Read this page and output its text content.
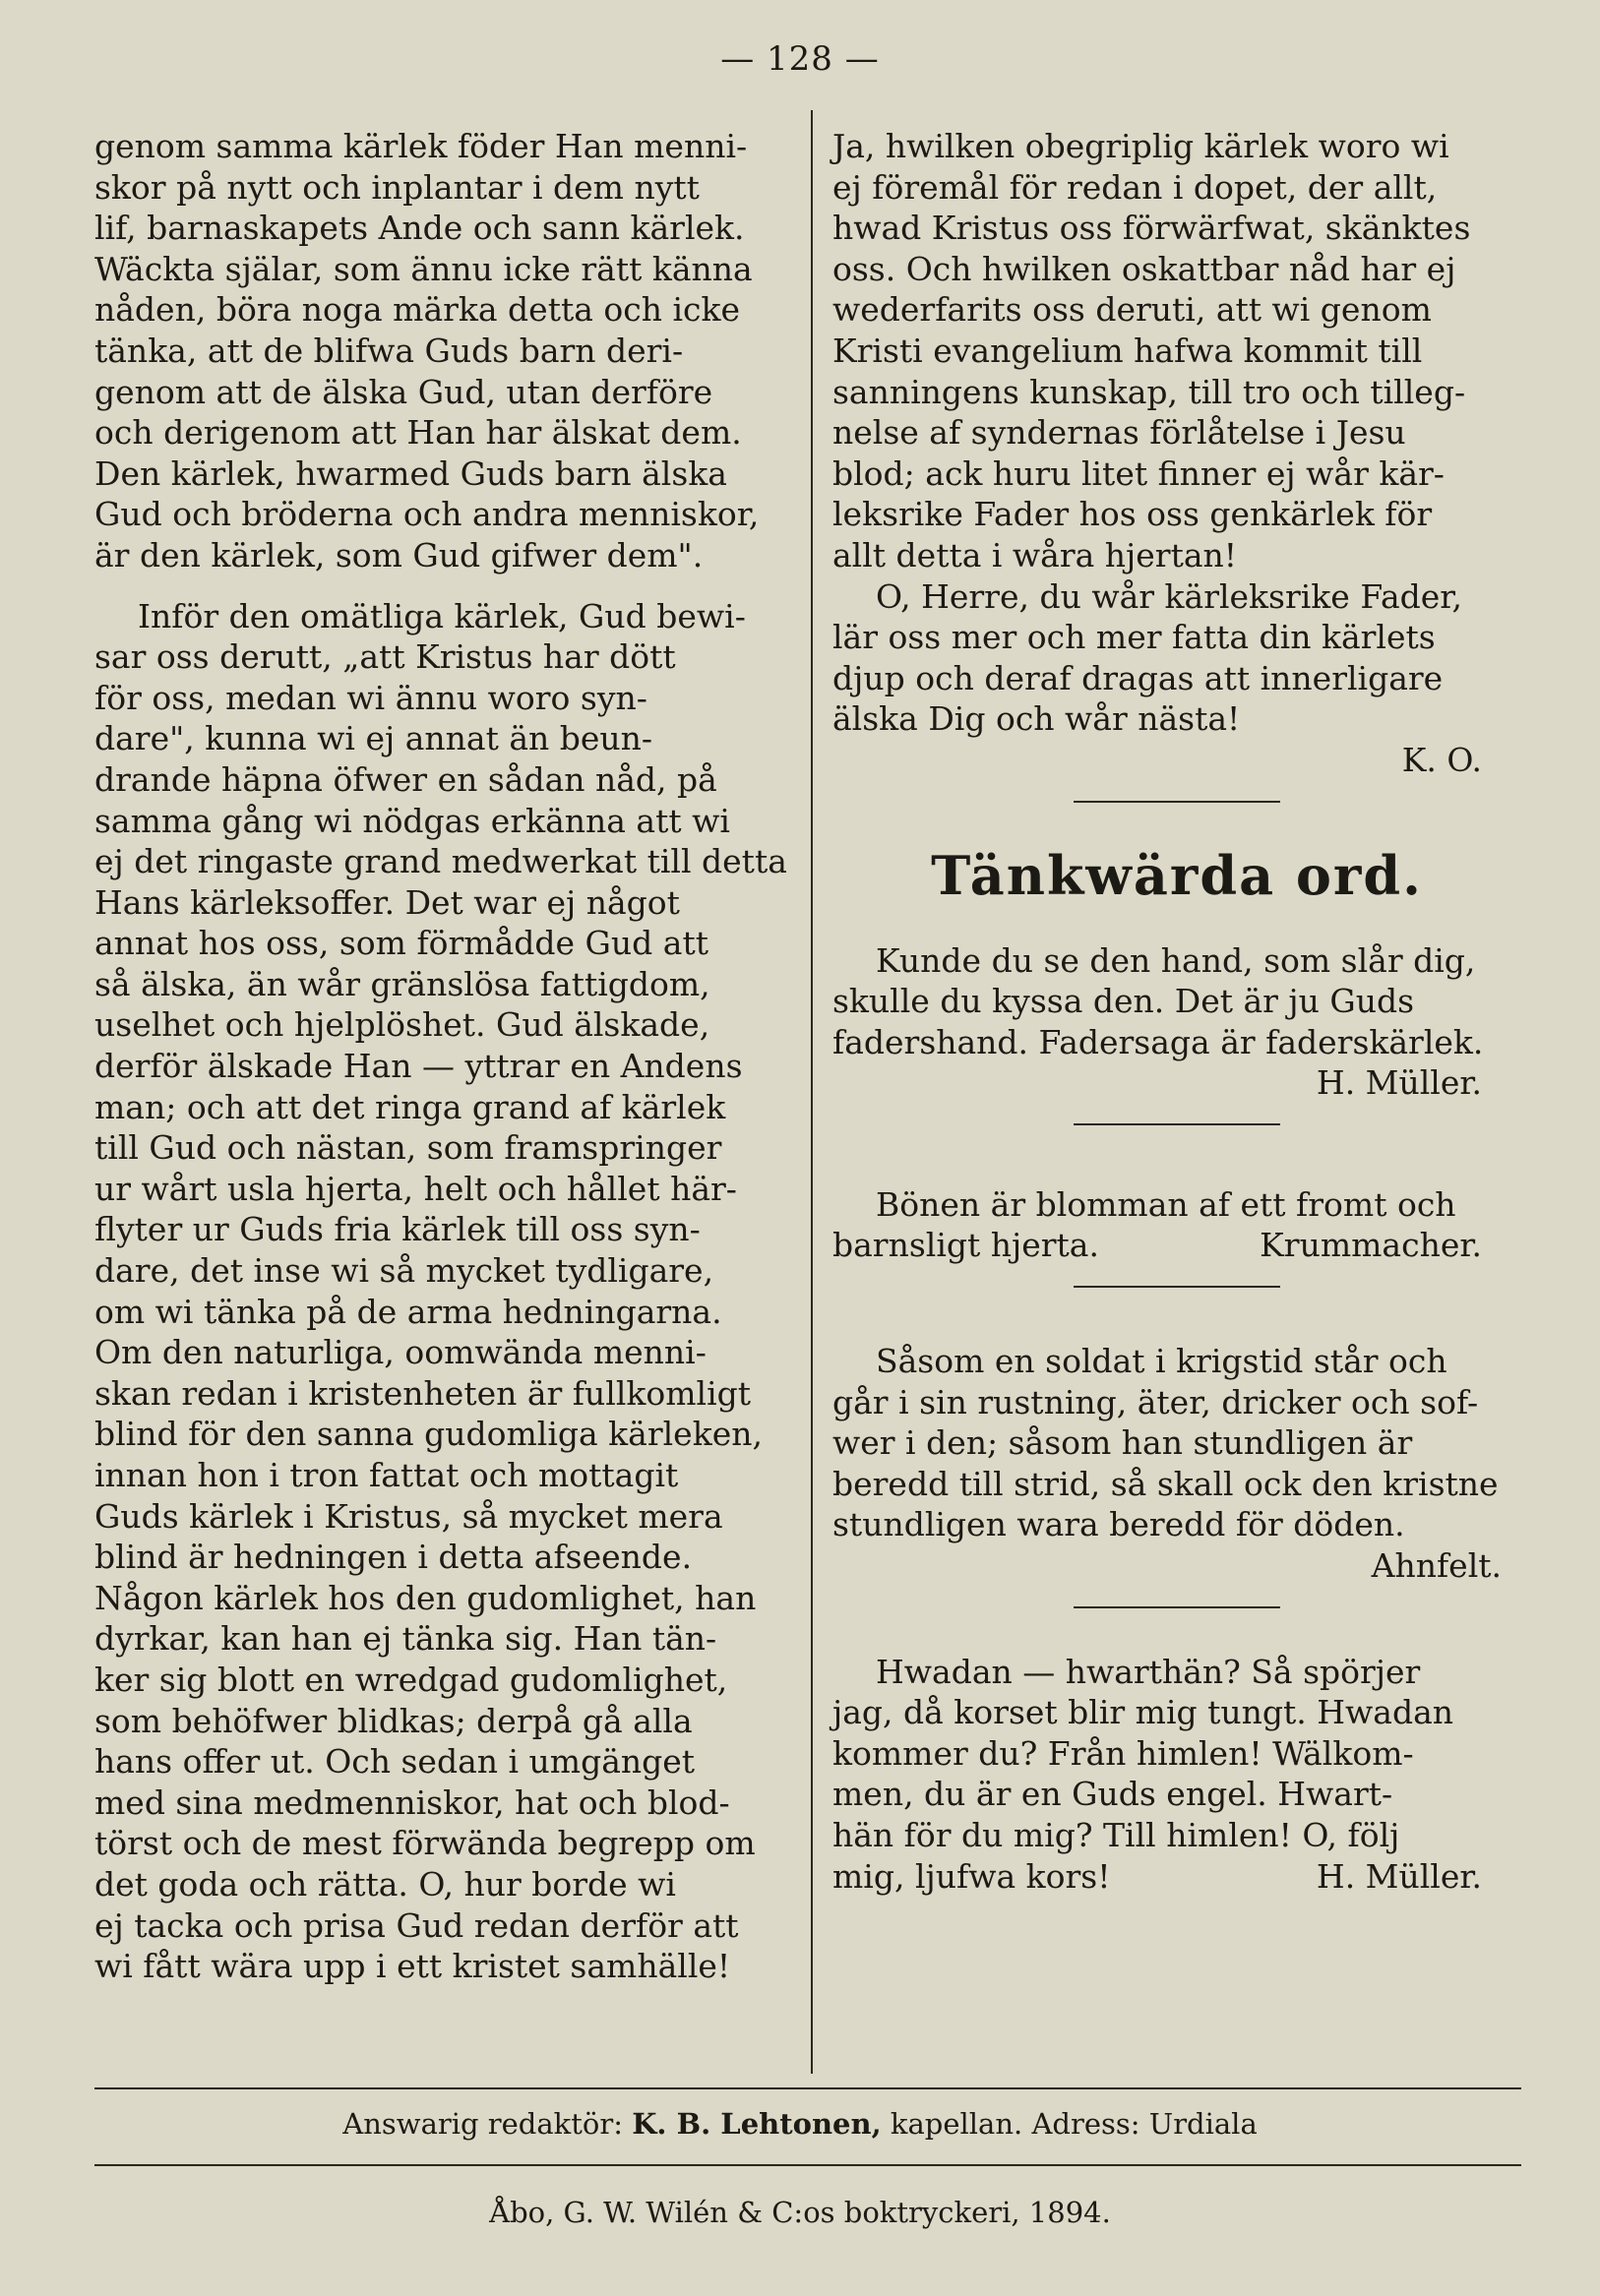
— 128 —

genom samma kärlek föder Han menni-
skor på nytt och inplantar i dem nytt
lif, barnaskapets Ande och sann kärlek.
Wäckta själar, som ännu icke rätt känna
nåden, böra noga märka detta och icke
tänka, att de blifwa Guds barn deri-
genom att de älska Gud, utan derföre
och derigenom att Han har älskat dem.
Den kärlek, hwarmed Guds barn älska
Gud och bröderna och andra menniskor,
är den kärlek, som Gud gifwer dem".

Inför den omätliga kärlek, Gud bewi-
sar oss derutt, „att Kristus har dött
för oss, medan wi ännu woro syn-
dare", kunna wi ej annat än beun-
drande häpna öfwer en sådan nåd, på
samma gång wi nödgas erkänna att wi
ej det ringaste grand medwerkat till detta
Hans kärleksoffer. Det war ej något
annat hos oss, som förmådde Gud att
så älska, än wår gränslösa fattigdom,
uselhet och hjelplöshet. Gud älskade,
derför älskade Han — yttrar en Andens
man; och att det ringa grand af kärlek
till Gud och nästan, som framspringer
ur wårt usla hjerta, helt och hållet här-
flyter ur Guds fria kärlek till oss syn-
dare, det inse wi så mycket tydligare,
om wi tänka på de arma hedningarna.
Om den naturliga, oomwända menni-
skan redan i kristenheten är fullkomligt
blind för den sanna gudomliga kärleken,
innan hon i tron fattat och mottagit
Guds kärlek i Kristus, så mycket mera
blind är hedningen i detta afseende.
Någon kärlek hos den gudomlighet, han
dyrkar, kan han ej tänka sig. Han tän-
ker sig blott en wredgad gudomlighet,
som behöfwer blidkas; derpå gå alla
hans offer ut. Och sedan i umgänget
med sina medmenniskor, hat och blod-
törst och de mest förwända begrepp om
det goda och rätta. O, hur borde wi
ej tacka och prisa Gud redan derför att
wi fått wära upp i ett kristet samhälle!

Ja, hwilken obegriplig kärlek woro wi
ej föremål för redan i dopet, der allt,
hwad Kristus oss förwärfwat, skänktes
oss. Och hwilken oskattbar nåd har ej
wederfarits oss deruti, att wi genom
Kristi evangelium hafwa kommit till
sanningens kunskap, till tro och tilleg-
nelse af syndernas förlåtelse i Jesu
blod; ack huru litet finner ej wår kär-
leksrike Fader hos oss genkärlek för
allt detta i wåra hjertan!

O, Herre, du wår kärleksrike Fader,
lär oss mer och mer fatta din kärlets
djup och deraf dragas att innerligare
älska Dig och wår nästa!

K. O.
Tänkwärda ord.

Kunde du se den hand, som slår dig,
skulle du kyssa den. Det är ju Guds
fadershand. Fadersaga är faderskärlek.

H. Müller.

Bönen är blomman af ett fromt och
barnsligt hjerta.	Krummacher.

Såsom en soldat i krigstid står och
går i sin rustning, äter, dricker och sof-
wer i den; såsom han stundligen är
beredd till strid, så skall ock den kristne
stundligen wara beredd för döden.

Ahnfelt.

Hwadan — hwarthän? Så spörjer
jag, då korset blir mig tungt. Hwadan
kommer du? Från himlen! Wälkom-
men, du är en Guds engel. Hwart-
hän för du mig? Till himlen! O, följ
mig, ljufwa kors!	H. Müller.

Answarig redaktör: K. B. Lehtonen, kapellan. Adress: Urdiala
Åbo, G. W. Wilén & C:os boktryckeri, 1894.
